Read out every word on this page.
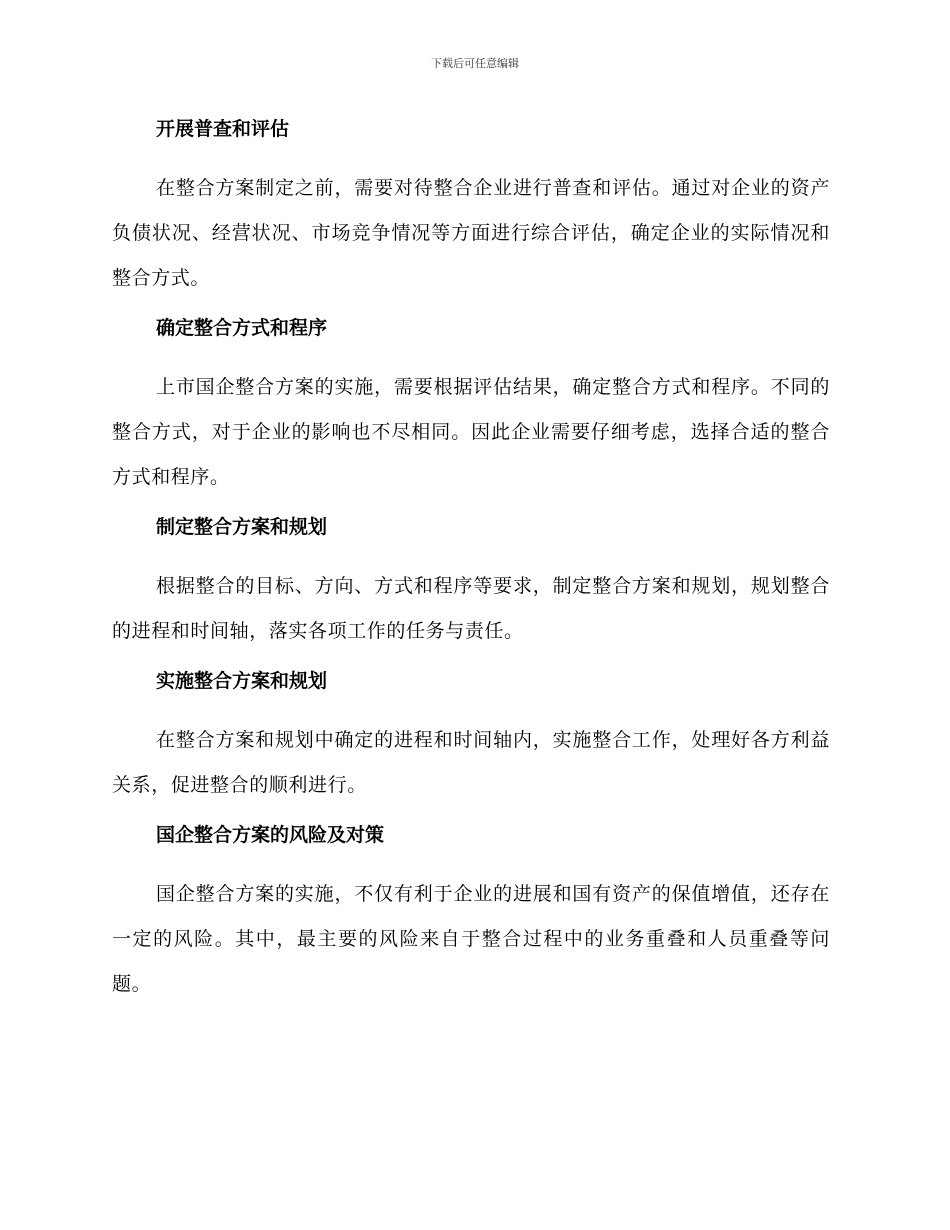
下载后可任意编辑

开展普查和评估

在整合方案制定之前，需要对待整合企业进行普查和评估。通过对企业的资产负债状况、经营状况、市场竞争情况等方面进行综合评估，确定企业的实际情况和整合方式。

确定整合方式和程序

上市国企整合方案的实施，需要根据评估结果，确定整合方式和程序。不同的整合方式，对于企业的影响也不尽相同。因此企业需要仔细考虑，选择合适的整合方式和程序。

制定整合方案和规划

根据整合的目标、方向、方式和程序等要求，制定整合方案和规划，规划整合的进程和时间轴，落实各项工作的任务与责任。

实施整合方案和规划

在整合方案和规划中确定的进程和时间轴内，实施整合工作，处理好各方利益关系，促进整合的顺利进行。

国企整合方案的风险及对策

国企整合方案的实施，不仅有利于企业的进展和国有资产的保值增值，还存在一定的风险。其中，最主要的风险来自于整合过程中的业务重叠和人员重叠等问题。
